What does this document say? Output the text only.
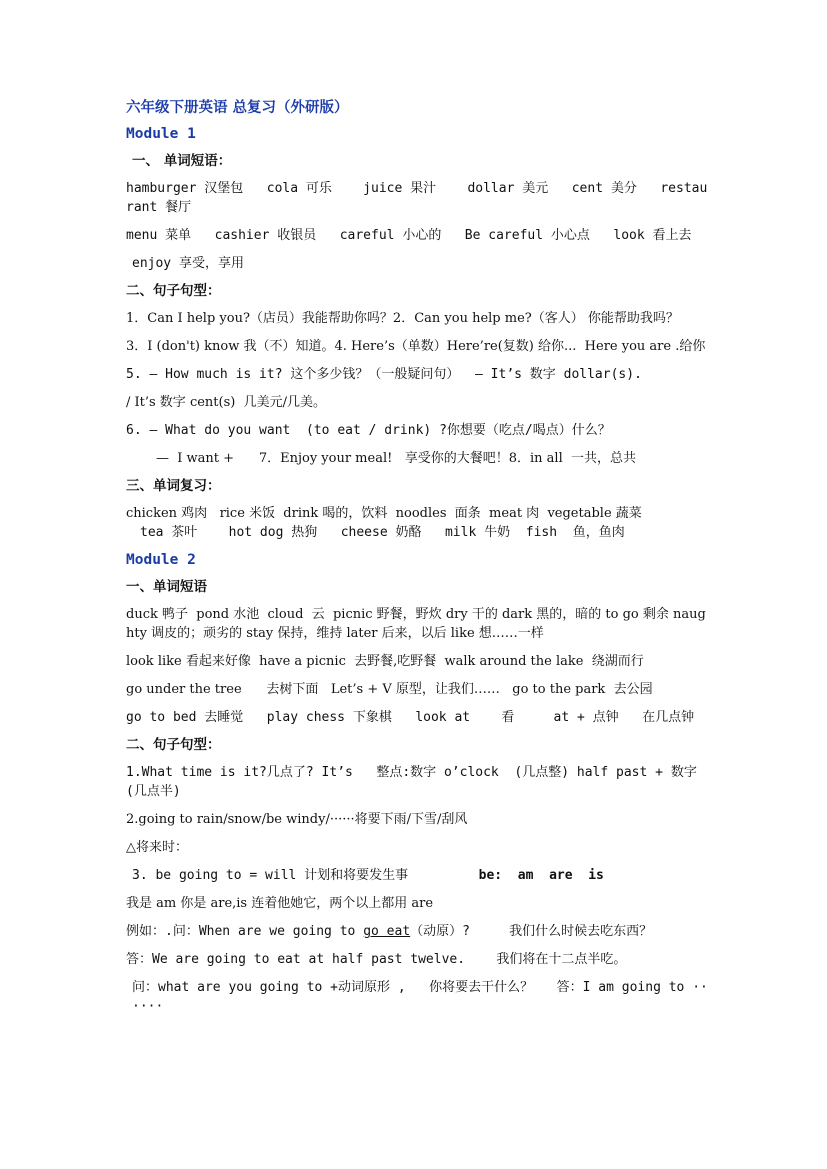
六年级下册英语 总复习（外研版）
Module 1
一、 单词短语：
hamburger 汉堡包   cola 可乐    juice 果汁    dollar 美元   cent 美分   restaurant 餐厅
menu 菜单   cashier 收银员   careful 小心的   Be careful 小心点   look 看上去
enjoy 享受，享用
二、句子句型：
1．Can I help you?（店员）我能帮助你吗？2．Can you help me?（客人） 你能帮助我吗？
3．I (don't) know 我（不）知道。4. Here’s（单数）Here’re(复数) 给你...  Here you are .给你
5. — How much is it? 这个多少钱？（一般疑问句）  — It’s 数字 dollar(s).
/ It’s 数字 cent(s)  几美元/几美。
6. — What do you want  (to eat / drink) ?你想要（吃点/喝点）什么？
—  I want +      7．Enjoy your meal!   享受你的大餐吧！8．in all  一共，总共
三、单词复习：
chicken 鸡肉   rice 米饭  drink 喝的，饮料  noodles  面条  meat 肉  vegetable 蔬菜
tea 茶叶    hot dog 热狗   cheese 奶酪   milk 牛奶  fish  鱼，鱼肉
Module 2
一、单词短语
duck 鸭子  pond 水池  cloud  云  picnic 野餐，野炊 dry 干的 dark 黑的，暗的 to go 剩余 naughty 调皮的；顽劣的 stay 保持，维持 later 后来，以后 like 想……一样
look like 看起来好像  have a picnic  去野餐,吃野餐  walk around the lake  绕湖而行
go under the tree      去树下面   Let’s + V 原型，让我们……   go to the park  去公园
go to bed 去睡觉   play chess 下象棋   look at    看     at + 点钟   在几点钟
二、句子句型：
1.What time is it?几点了? It’s   整点:数字 o’clock  (几点整) half past + 数字 (几点半)
2.going to rain/snow/be windy/······将要下雨/下雪/刮风
△将来时：
3. be going to = will 计划和将要发生事	be:  am  are  is
我是 am 你是 are,is 连着他她它，两个以上都用 are
例如：.问：When are we going to go eat（动原）?     我们什么时候去吃东西？
答：We are going to eat at half past twelve.    我们将在十二点半吃。
问：what are you going to +动词原形 ,   你将要去干什么？   答：I am going to ······
